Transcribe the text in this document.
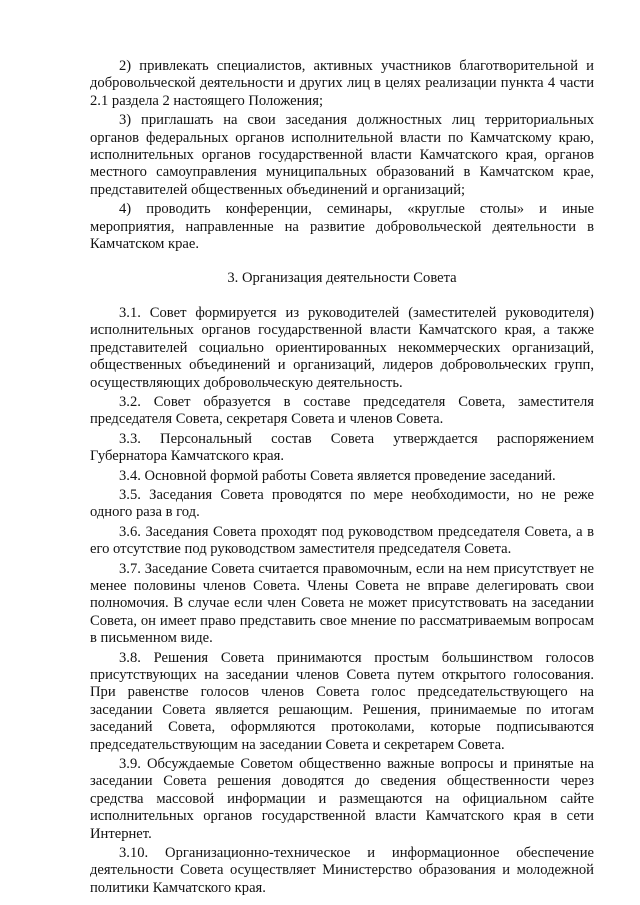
2) привлекать специалистов, активных участников благотворительной и добровольческой деятельности и других лиц в целях реализации пункта 4 части 2.1 раздела 2 настоящего Положения;

3) приглашать на свои заседания должностных лиц территориальных органов федеральных органов исполнительной власти по Камчатскому краю, исполнительных органов государственной власти Камчатского края, органов местного самоуправления муниципальных образований в Камчатском крае, представителей общественных объединений и организаций;

4) проводить конференции, семинары, «круглые столы» и иные мероприятия, направленные на развитие добровольческой деятельности в Камчатском крае.

3. Организация деятельности Совета

3.1. Совет формируется из руководителей (заместителей руководителя) исполнительных органов государственной власти Камчатского края, а также представителей социально ориентированных некоммерческих организаций, общественных объединений и организаций, лидеров добровольческих групп, осуществляющих добровольческую деятельность.

3.2. Совет образуется в составе председателя Совета, заместителя председателя Совета, секретаря Совета и членов Совета.

3.3. Персональный состав Совета утверждается распоряжением Губернатора Камчатского края.

3.4. Основной формой работы Совета является проведение заседаний.

3.5. Заседания Совета проводятся по мере необходимости, но не реже одного раза в год.

3.6. Заседания Совета проходят под руководством председателя Совета, а в его отсутствие под руководством заместителя председателя Совета.

3.7. Заседание Совета считается правомочным, если на нем присутствует не менее половины членов Совета. Члены Совета не вправе делегировать свои полномочия. В случае если член Совета не может присутствовать на заседании Совета, он имеет право представить свое мнение по рассматриваемым вопросам в письменном виде.

3.8. Решения Совета принимаются простым большинством голосов присутствующих на заседании членов Совета путем открытого голосования. При равенстве голосов членов Совета голос председательствующего на заседании Совета является решающим. Решения, принимаемые по итогам заседаний Совета, оформляются протоколами, которые подписываются председательствующим на заседании Совета и секретарем Совета.

3.9. Обсуждаемые Советом общественно важные вопросы и принятые на заседании Совета решения доводятся до сведения общественности через средства массовой информации и размещаются на официальном сайте исполнительных органов государственной власти Камчатского края в сети Интернет.

3.10. Организационно-техническое и информационное обеспечение деятельности Совета осуществляет Министерство образования и молодежной политики Камчатского края.
